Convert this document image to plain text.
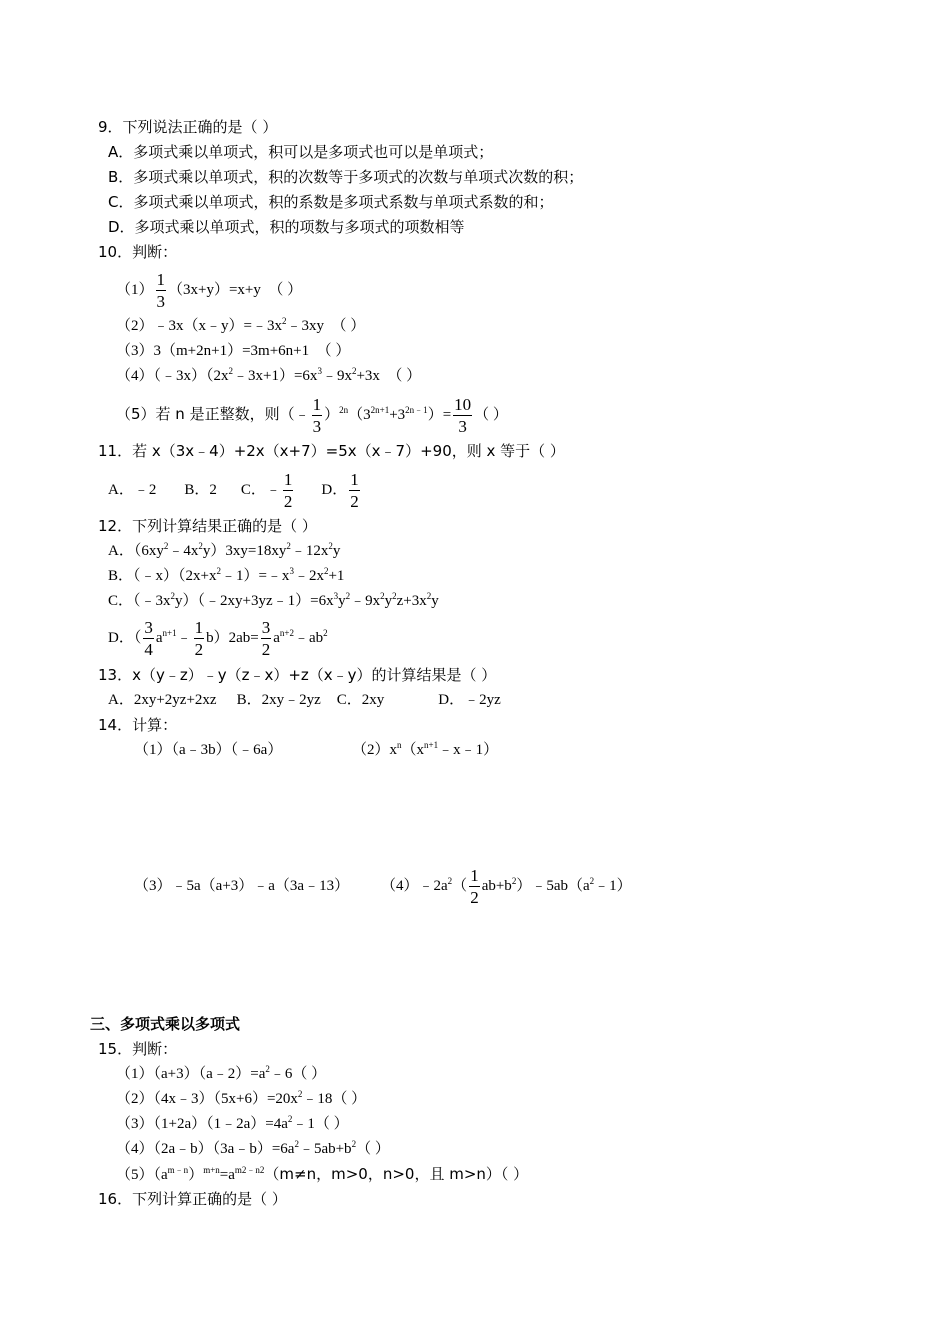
9．下列说法正确的是（ ）
A．多项式乘以单项式，积可以是多项式也可以是单项式；
B．多项式乘以单项式，积的次数等于多项式的次数与单项式次数的积；
C．多项式乘以单项式，积的系数是多项式系数与单项式系数的和；
D．多项式乘以单项式，积的项数与多项式的项数相等
10．判断：
$(1) \frac{1}{3} (3x+y)=x+y$　（ ）
$(2)﹣3x(x﹣y)=﹣3x^2﹣3xy$　（ ）
（3）3（m+2n+1）=3m+6n+1　（ ）
$(4)(﹣3x)(2x^2﹣3x+1)=6x^3﹣9x^2+3x$　（ ）
（5）若 n 是正整数，则（﹣ $\frac{1}{3} )^{2n}(3^{2n+1}+3^{2n﹣1})= \frac{10}{3}$ （ ）
11．若 x（3x﹣4）+2x（x+7）=5x（x﹣7）+90，则 x 等于（ ）
A．﹣2 B．2 C．﹣ $\frac{1}{2}$ D． $\frac{1}{2}$
12．下列计算结果正确的是（ ）
A．$(6xy^2﹣4x^2y)3xy=18xy^2﹣12x^2y$
B．$(﹣x)(2x+x^2﹣1)=﹣x^3﹣2x^2+1$
C．$(﹣3x^2y)(﹣2xy+3yz﹣1)=6x^3y^2﹣9x^2y^2z+3x^2y$
D．（ $\frac{3}{4}$ $a^{n+1}﹣ \frac{1}{2} b)2ab= \frac{3}{2}$ $a^{n+2}﹣ab^2$
13．x（y﹣z）﹣y（z﹣x）+z（x﹣y）的计算结果是（ ）
A．2xy+2yz+2xz B．2xy﹣2yz C．2xy	D．﹣2yz
14．计算：
（1）（a﹣3b）（﹣6a）	$(2)x^n(x^{n+1}﹣x﹣1)$
（3）﹣5a（a+3）﹣a（3a﹣13） $(4)﹣2a^2( \frac{1}{2}$ $ab+b^2)﹣5ab(a^2﹣1)$
三、多项式乘以多项式
15．判断：
$(1)(a+3)(a﹣2)=a^2﹣6$（ ）
$(2)(4x﹣3)(5x+6)=20x^2﹣18$（ ）
$(3)(1+2a)(1﹣2a)=4a^2﹣1$（ ）
$(4)(2a﹣b)(3a﹣b)=6a^2﹣5ab+b^2$（ ）
$(5)(a^{m﹣n})^{m+n}=a^{m2﹣n2}(m\ne n$，m>0，n>0，且 m>n）（ ）
16．下列计算正确的是（ ）
